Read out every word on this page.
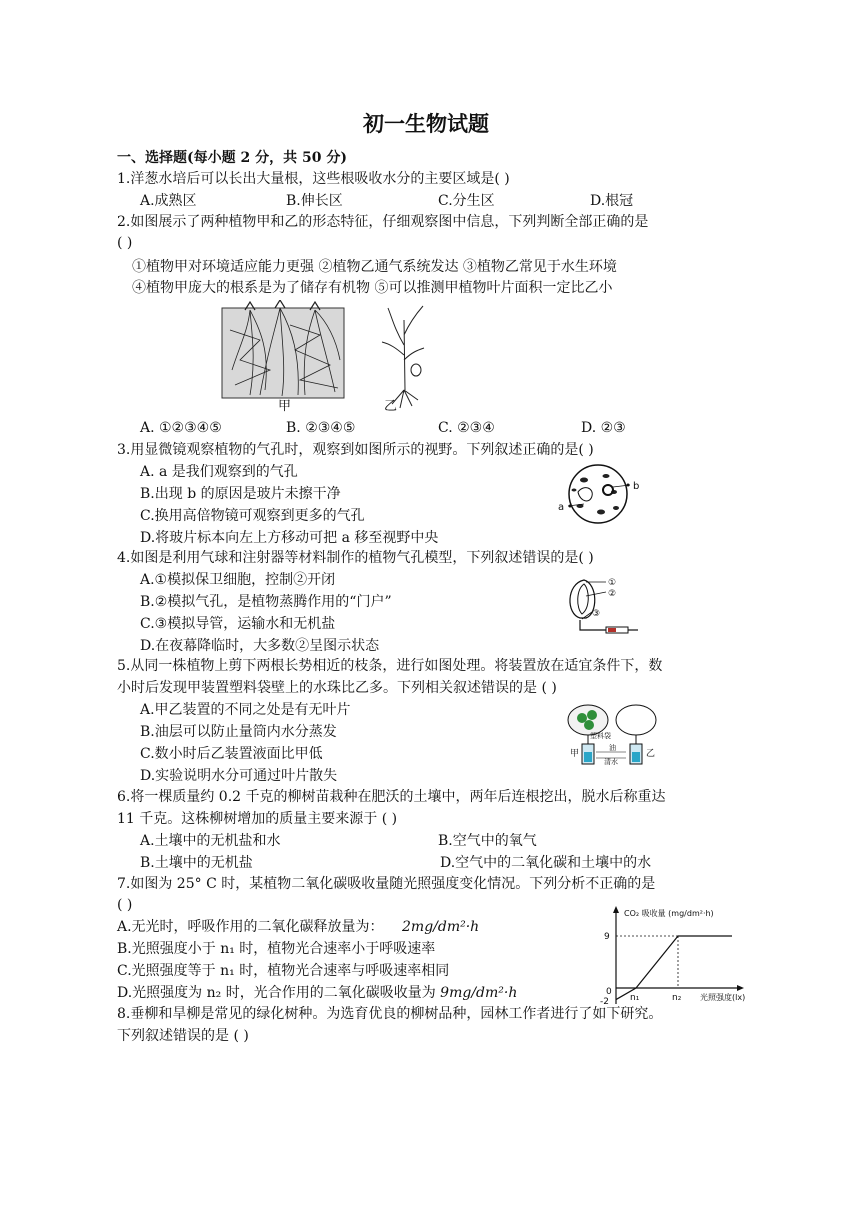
初一生物试题
一、选择题(每小题 2 分，共 50 分)
1.洋葱水培后可以长出大量根，这些根吸收水分的主要区域是( )
A.成熟区	B.伸长区	C.分生区	D.根冠
2.如图展示了两种植物甲和乙的形态特征，仔细观察图中信息，下列判断全部正确的是
( )
①植物甲对环境适应能力更强 ②植物乙通气系统发达 ③植物乙常见于水生环境
④植物甲庞大的根系是为了储存有机物 ⑤可以推测甲植物叶片面积一定比乙小
甲	乙
A. ①②③④⑤	B. ②③④⑤	C. ②③④	D. ②③
3.用显微镜观察植物的气孔时，观察到如图所示的视野。下列叙述正确的是( )
A. a 是我们观察到的气孔
B.出现 b 的原因是玻片未擦干净
C.换用高倍物镜可观察到更多的气孔
D.将玻片标本向左上方移动可把 a 移至视野中央
a
b
4.如图是利用气球和注射器等材料制作的植物气孔模型，下列叙述错误的是( )
A.①模拟保卫细胞，控制②开闭
B.②模拟气孔，是植物蒸腾作用的“门户”
C.③模拟导管，运输水和无机盐
D.在夜幕降临时，大多数②呈图示状态
①
②
③
5.从同一株植物上剪下两根长势相近的枝条，进行如图处理。将装置放在适宜条件下，数
小时后发现甲装置塑料袋壁上的水珠比乙多。下列相关叙述错误的是 ( )
A.甲乙装置的不同之处是有无叶片
B.油层可以防止量筒内水分蒸发
C.数小时后乙装置液面比甲低
D.实验说明水分可通过叶片散失
塑料袋
油
清水
甲	乙
6.将一棵质量约 0.2 千克的柳树苗栽种在肥沃的土壤中，两年后连根挖出，脱水后称重达
11 千克。这株柳树增加的质量主要来源于 ( )
A.土壤中的无机盐和水	B.空气中的氧气
B.土壤中的无机盐	D.空气中的二氧化碳和土壤中的水
7.如图为 25° C 时，某植物二氧化碳吸收量随光照强度变化情况。下列分析不正确的是
( )
A.无光时，呼吸作用的二氧化碳释放量为： 2mg/dm²·h
B.光照强度小于 n₁ 时，植物光合速率小于呼吸速率
C.光照强度等于 n₁ 时，植物光合速率与呼吸速率相同
D.光照强度为 n₂ 时，光合作用的二氧化碳吸收量为 9mg/dm²·h
CO₂ 吸收量 (mg/dm²·h)
光照强度(lx)
9
0
-2 n₁	n₂
8.垂柳和旱柳是常见的绿化树种。为选育优良的柳树品种，园林工作者进行了如下研究。
下列叙述错误的是 ( )
